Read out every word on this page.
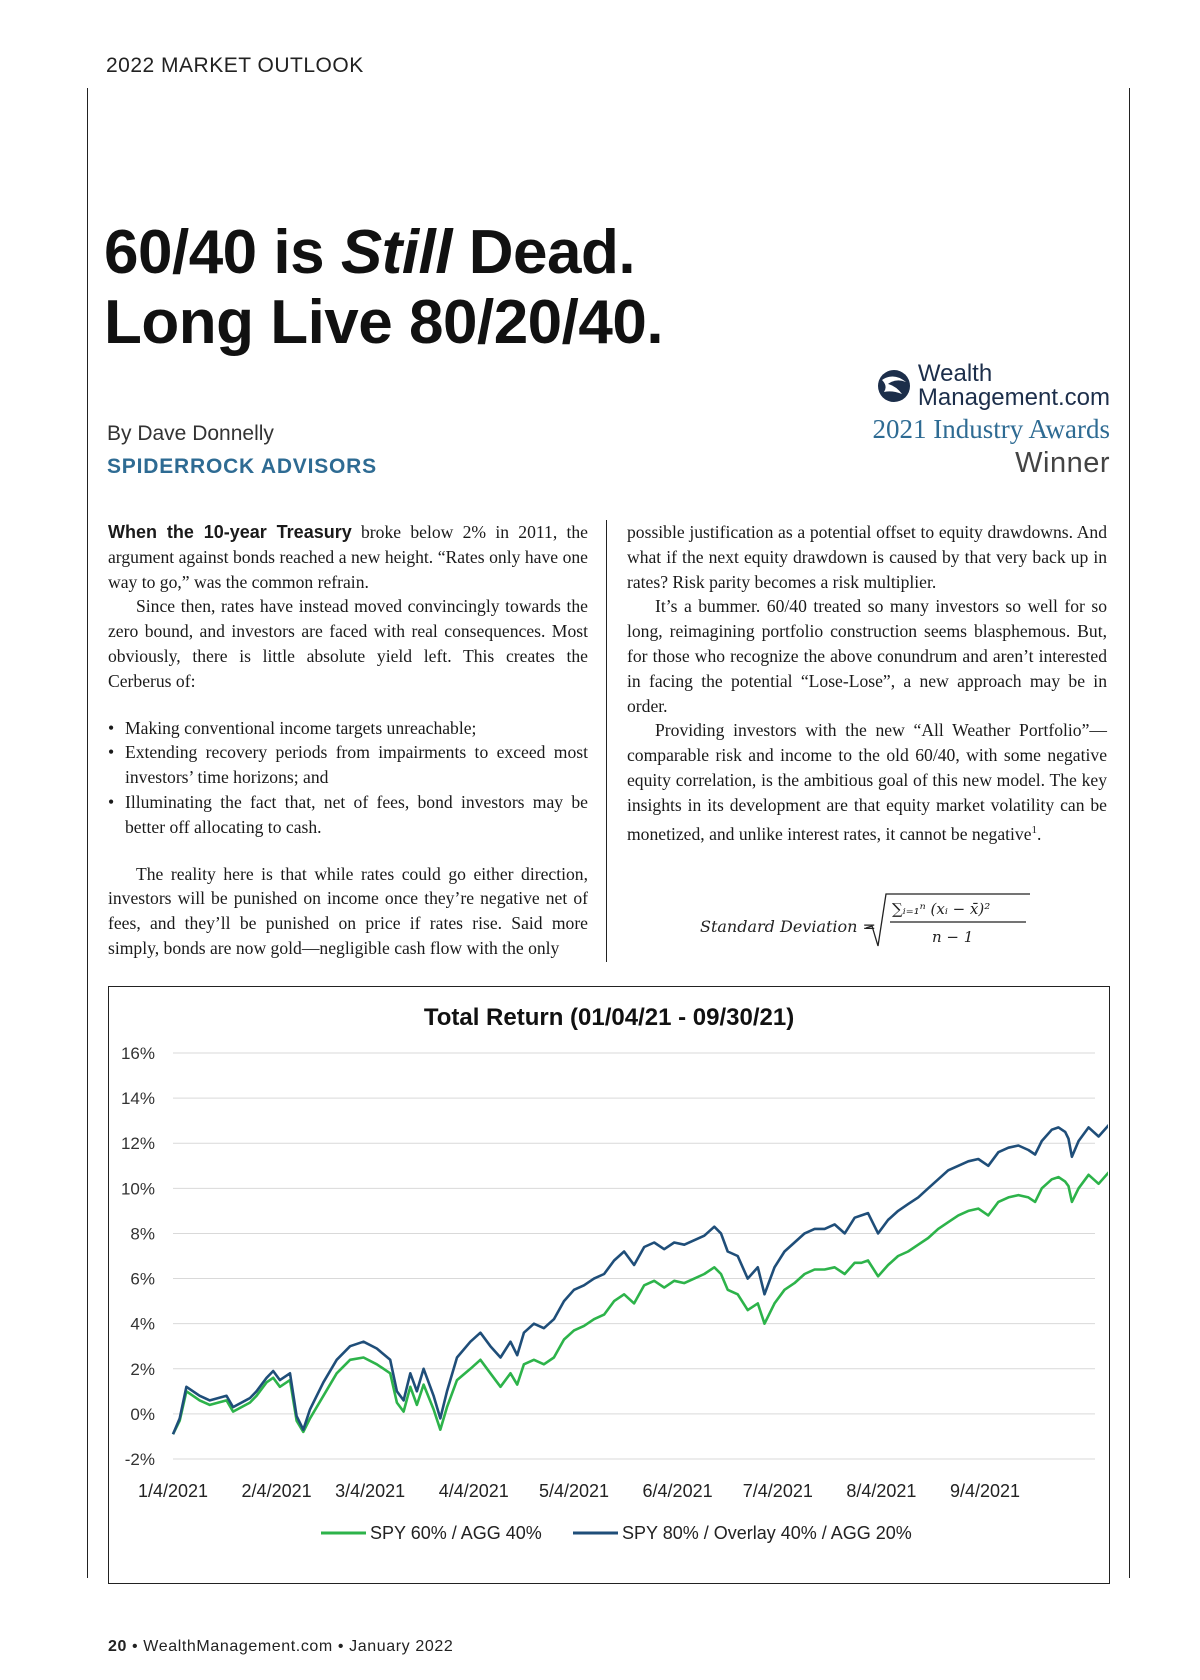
2022 MARKET OUTLOOK
60/40 is Still Dead.
Long Live 80/20/40.
By Dave Donnelly
SPIDERROCK ADVISORS
Wealth
Management.com
2021 Industry Awards
Winner

When the 10-year Treasury broke below 2% in 2011, the argument against bonds reached a new height. “Rates only have one way to go,” was the common refrain.

Since then, rates have instead moved convincingly towards the zero bound, and investors are faced with real consequences. Most obviously, there is little absolute yield left. This creates the Cerberus of:

• Making conventional income targets unreachable;
• Extending recovery periods from impairments to exceed most investors’ time horizons; and
• Illuminating the fact that, net of fees, bond investors may be better off allocating to cash.

The reality here is that while rates could go either direction, investors will be punished on income once they’re negative net of fees, and they’ll be punished on price if rates rise. Said more simply, bonds are now gold—negligible cash flow with the only

possible justification as a potential offset to equity drawdowns. And what if the next equity drawdown is caused by that very back up in rates? Risk parity becomes a risk multiplier.

It’s a bummer. 60/40 treated so many investors so well for so long, reimagining portfolio construction seems blasphemous. But, for those who recognize the above conundrum and aren’t interested in facing the potential “Lose-Lose”, a new approach may be in order.

Providing investors with the new “All Weather Portfolio”—comparable risk and income to the old 60/40, with some negative equity correlation, is the ambitious goal of this new model. The key insights in its development are that equity market volatility can be monetized, and unlike interest rates, it cannot be negative$^1$.

Standard Deviation =
∑ᵢ₌₁ⁿ (xᵢ − x̄)²
n − 1
Total Return (01/04/21 - 09/30/21)
-2%
0%
2%
4%
6%
8%
10%
12%
14%
16%
1/4/2021 2/4/2021 3/4/2021 4/4/2021 5/4/2021 6/4/2021 7/4/2021 8/4/2021 9/4/2021
SPY 60% / AGG 40%	SPY 80% / Overlay 40% / AGG 20%
20 • WealthManagement.com • January 2022
